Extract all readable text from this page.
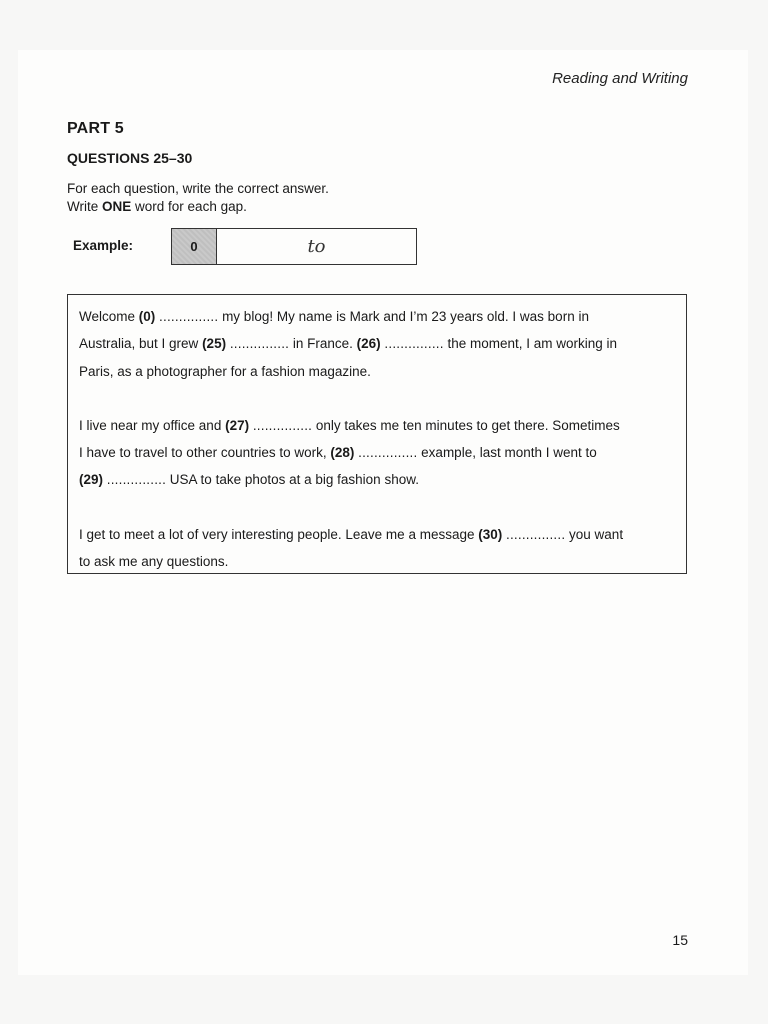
Reading and Writing
PART 5
QUESTIONS 25–30
For each question, write the correct answer.
Write ONE word for each gap.
Example:	0	to

Welcome (0) ............... my blog! My name is Mark and I’m 23 years old. I was born in
Australia, but I grew (25) ............... in France. (26) ............... the moment, I am working in
Paris, as a photographer for a fashion magazine.

I live near my office and (27) ............... only takes me ten minutes to get there. Sometimes
I have to travel to other countries to work, (28) ............... example, last month I went to
(29) ............... USA to take photos at a big fashion show.

I get to meet a lot of very interesting people. Leave me a message (30) ............... you want
to ask me any questions.

15
